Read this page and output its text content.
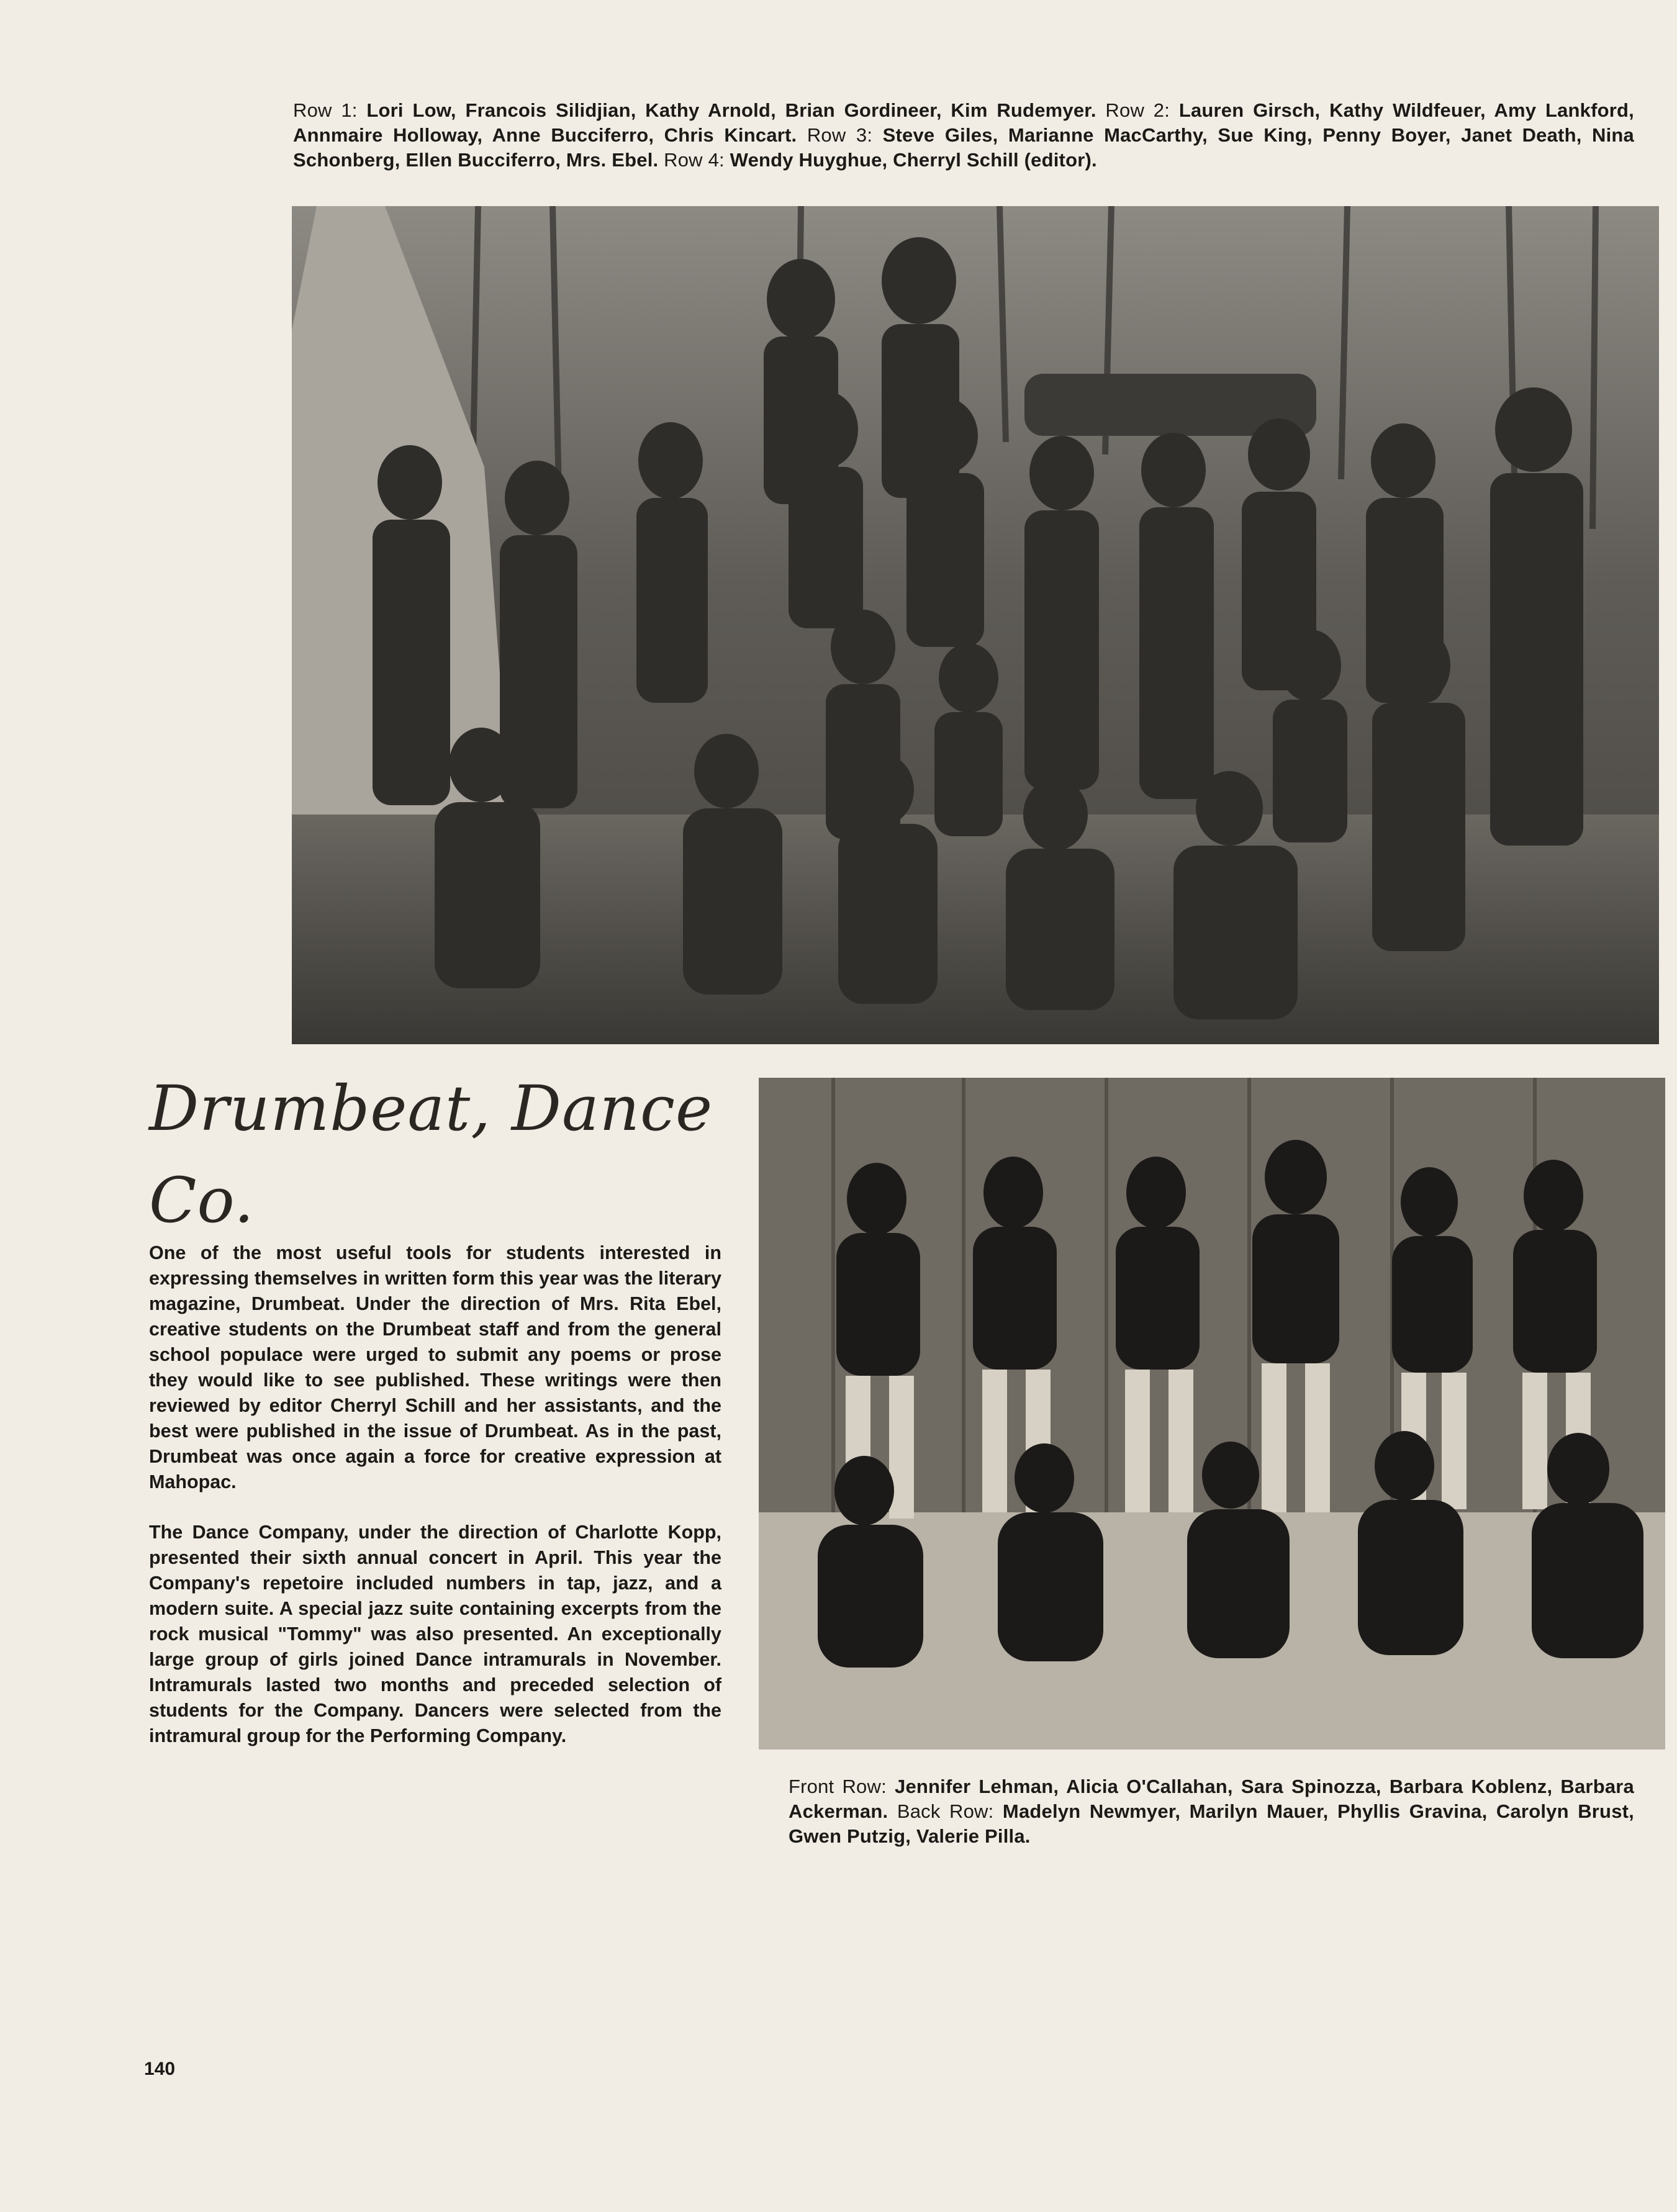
Row 1: Lori Low, Francois Silidjian, Kathy Arnold, Brian Gordineer, Kim Rudemyer. Row 2: Lauren Girsch, Kathy Wildfeuer, Amy Lankford, Annmaire Holloway, Anne Bucciferro, Chris Kincart. Row 3: Steve Giles, Marianne MacCarthy, Sue King, Penny Boyer, Janet Death, Nina Schonberg, Ellen Bucciferro, Mrs. Ebel. Row 4: Wendy Huyghue, Cherryl Schill (editor).
Drumbeat, Dance Co.

One of the most useful tools for students interested in expressing themselves in written form this year was the literary magazine, Drumbeat. Under the direction of Mrs. Rita Ebel, creative students on the Drumbeat staff and from the general school populace were urged to submit any poems or prose they would like to see published. These writings were then reviewed by editor Cherryl Schill and her assistants, and the best were published in the issue of Drumbeat. As in the past, Drumbeat was once again a force for creative expression at Mahopac.

The Dance Company, under the direction of Charlotte Kopp, presented their sixth annual concert in April. This year the Company's repetoire included numbers in tap, jazz, and a modern suite. A special jazz suite containing excerpts from the rock musical "Tommy" was also presented. An exceptionally large group of girls joined Dance intramurals in November. Intramurals lasted two months and preceded selection of students for the Company. Dancers were selected from the intramural group for the Performing Company.

Front Row: Jennifer Lehman, Alicia O'Callahan, Sara Spinozza, Barbara Koblenz, Barbara Ackerman. Back Row: Madelyn Newmyer, Marilyn Mauer, Phyllis Gravina, Carolyn Brust, Gwen Putzig, Valerie Pilla.
140
